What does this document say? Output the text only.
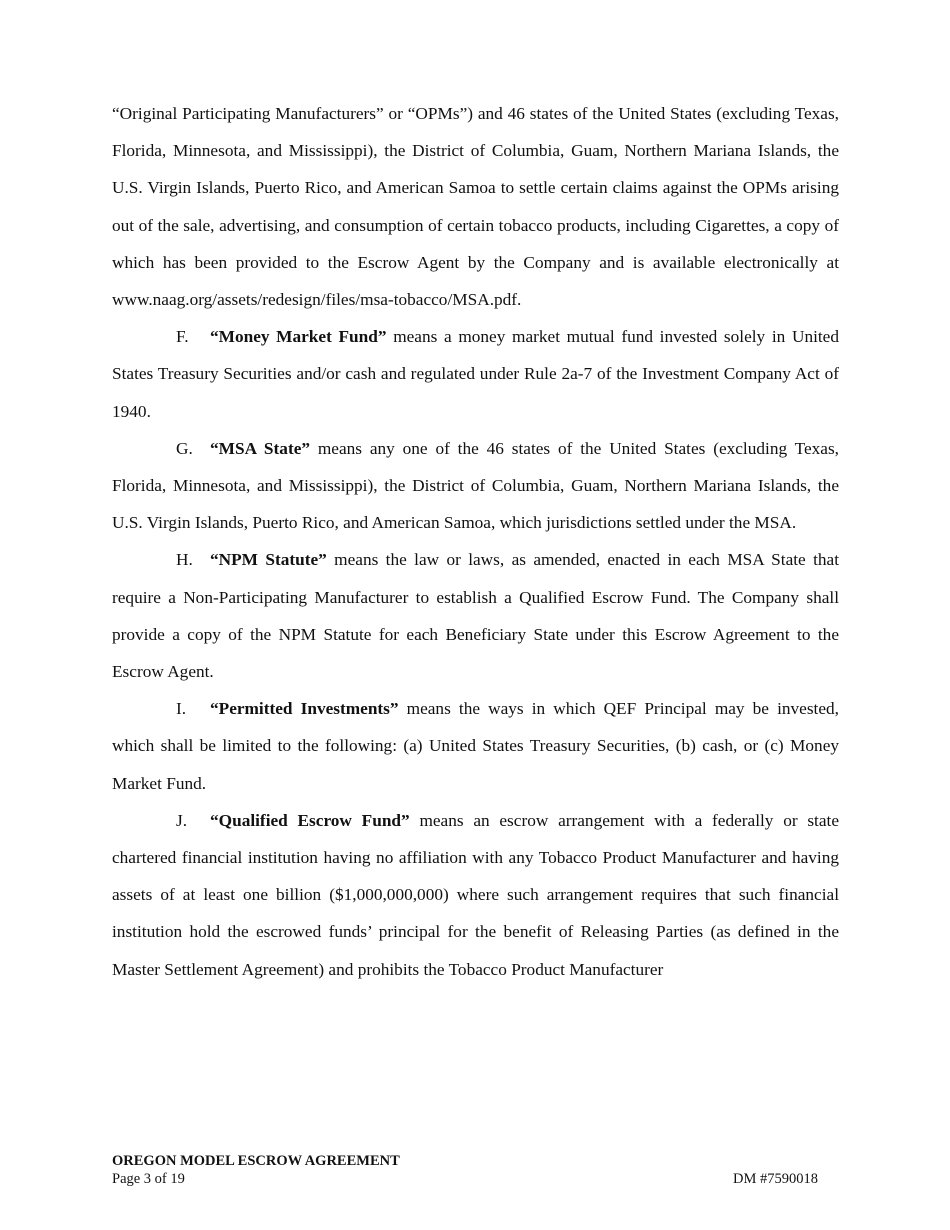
“Original Participating Manufacturers” or “OPMs”) and 46 states of the United States (excluding Texas, Florida, Minnesota, and Mississippi), the District of Columbia, Guam, Northern Mariana Islands, the U.S. Virgin Islands, Puerto Rico, and American Samoa to settle certain claims against the OPMs arising out of the sale, advertising, and consumption of certain tobacco products, including Cigarettes, a copy of which has been provided to the Escrow Agent by the Company and is available electronically at www.naag.org/assets/redesign/files/msa-tobacco/MSA.pdf.

F. “Money Market Fund” means a money market mutual fund invested solely in United States Treasury Securities and/or cash and regulated under Rule 2a-7 of the Investment Company Act of 1940.

G. “MSA State” means any one of the 46 states of the United States (excluding Texas, Florida, Minnesota, and Mississippi), the District of Columbia, Guam, Northern Mariana Islands, the U.S. Virgin Islands, Puerto Rico, and American Samoa, which jurisdictions settled under the MSA.

H. “NPM Statute” means the law or laws, as amended, enacted in each MSA State that require a Non-Participating Manufacturer to establish a Qualified Escrow Fund. The Company shall provide a copy of the NPM Statute for each Beneficiary State under this Escrow Agreement to the Escrow Agent.

I. “Permitted Investments” means the ways in which QEF Principal may be invested, which shall be limited to the following: (a) United States Treasury Securities, (b) cash, or (c) Money Market Fund.

J. “Qualified Escrow Fund” means an escrow arrangement with a federally or state chartered financial institution having no affiliation with any Tobacco Product Manufacturer and having assets of at least one billion ($1,000,000,000) where such arrangement requires that such financial institution hold the escrowed funds’ principal for the benefit of Releasing Parties (as defined in the Master Settlement Agreement) and prohibits the Tobacco Product Manufacturer

OREGON MODEL ESCROW AGREEMENT
Page 3 of 19	DM #7590018
